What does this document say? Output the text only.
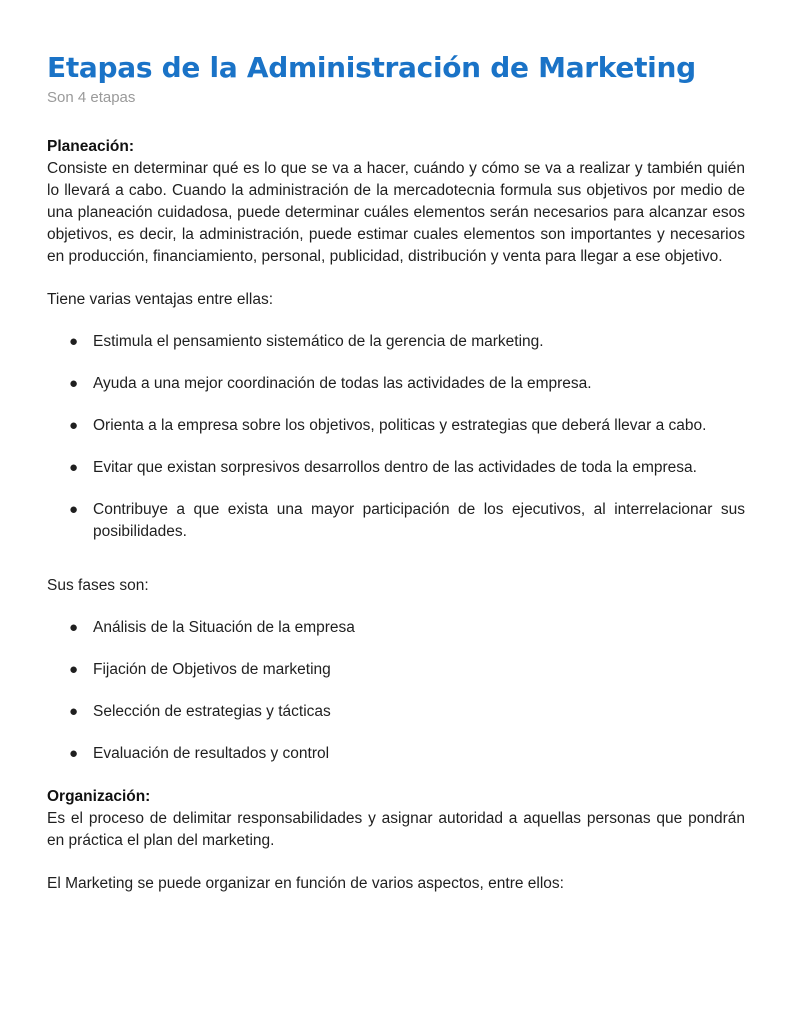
Etapas de la Administración de Marketing
Son 4 etapas
Planeación:

Consiste en determinar qué es lo que se va a hacer, cuándo y cómo se va a realizar y también quién lo llevará a cabo. Cuando la administración de la mercadotecnia formula sus objetivos por medio de una planeación cuidadosa, puede determinar cuáles elementos serán necesarios para alcanzar esos objetivos, es decir, la administración, puede estimar cuales elementos son importantes y necesarios en producción, financiamiento, personal, publicidad, distribución y venta para llegar a ese objetivo.

Tiene varias ventajas entre ellas:

● Estimula el pensamiento sistemático de la gerencia de marketing.
● Ayuda a una mejor coordinación de todas las actividades de la empresa.
● Orienta a la empresa sobre los objetivos, politicas y estrategias que deberá llevar a cabo.
● Evitar que existan sorpresivos desarrollos dentro de las actividades de toda la empresa.
● Contribuye a que exista una mayor participación de los ejecutivos, al interrelacionar sus posibilidades.

Sus fases son:

● Análisis de la Situación de la empresa
● Fijación de Objetivos de marketing
● Selección de estrategias y tácticas
● Evaluación de resultados y control
Organización:

Es el proceso de delimitar responsabilidades y asignar autoridad a aquellas personas que pondrán en práctica el plan del marketing.

El Marketing se puede organizar en función de varios aspectos, entre ellos:
